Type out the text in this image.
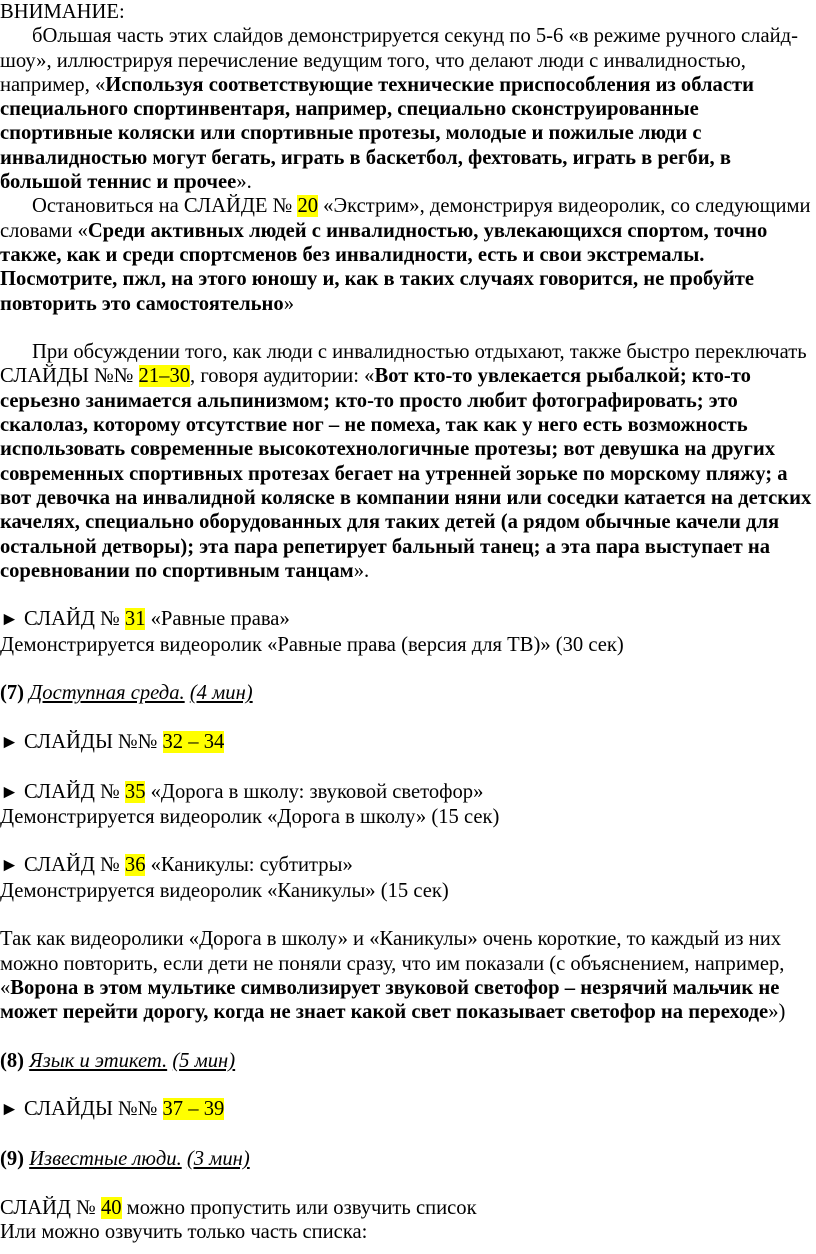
ВНИМАНИЕ:

бОльшая часть этих слайдов демонстрируется секунд по 5-6 «в режиме ручного слайд-шоу», иллюстрируя перечисление ведущим того, что делают люди с инвалидностью, например, «Используя соответствующие технические приспособления из области специального спортинвентаря, например, специально сконструированные спортивные коляски или спортивные протезы, молодые и пожилые люди с инвалидностью могут бегать, играть в баскетбол, фехтовать, играть в регби, в большой теннис и прочее».

Остановиться на СЛАЙДЕ № 20 «Экстрим», демонстрируя видеоролик, со следующими словами «Среди активных людей с инвалидностью, увлекающихся спортом, точно также, как и среди спортсменов без инвалидности, есть и свои экстремалы. Посмотрите, пжл, на этого юношу и, как в таких случаях говорится, не пробуйте повторить это самостоятельно»

При обсуждении того, как люди с инвалидностью отдыхают, также быстро переключать СЛАЙДЫ №№ 21–30, говоря аудитории: «Вот кто-то увлекается рыбалкой; кто-то серьезно занимается альпинизмом; кто-то просто любит фотографировать; это скалолаз, которому отсутствие ног – не помеха, так как у него есть возможность использовать современные высокотехнологичные протезы; вот девушка на других современных спортивных протезах бегает на утренней зорьке по морскому пляжу; а вот девочка на инвалидной коляске в компании няни или соседки катается на детских качелях, специально оборудованных для таких детей (а рядом обычные качели для остальной детворы); эта пара репетирует бальный танец; а эта пара выступает на соревновании по спортивным танцам».

► СЛАЙД № 31 «Равные права»

Демонстрируется видеоролик «Равные права (версия для ТВ)» (30 сек)

(7) Доступная среда. (4 мин)

► СЛАЙДЫ №№ 32 – 34

► СЛАЙД № 35 «Дорога в школу: звуковой светофор»

Демонстрируется видеоролик «Дорога в школу» (15 сек)

► СЛАЙД № 36 «Каникулы: субтитры»

Демонстрируется видеоролик «Каникулы» (15 сек)

Так как видеоролики «Дорога в школу» и «Каникулы» очень короткие, то каждый из них можно повторить, если дети не поняли сразу, что им показали (с объяснением, например, «Ворона в этом мультике символизирует звуковой светофор – незрячий мальчик не может перейти дорогу, когда не знает какой свет показывает светофор на переходе»)

(8) Язык и этикет. (5 мин)

► СЛАЙДЫ №№ 37 – 39

(9) Известные люди. (3 мин)

СЛАЙД № 40 можно пропустить или озвучить список

Или можно озвучить только часть списка:
